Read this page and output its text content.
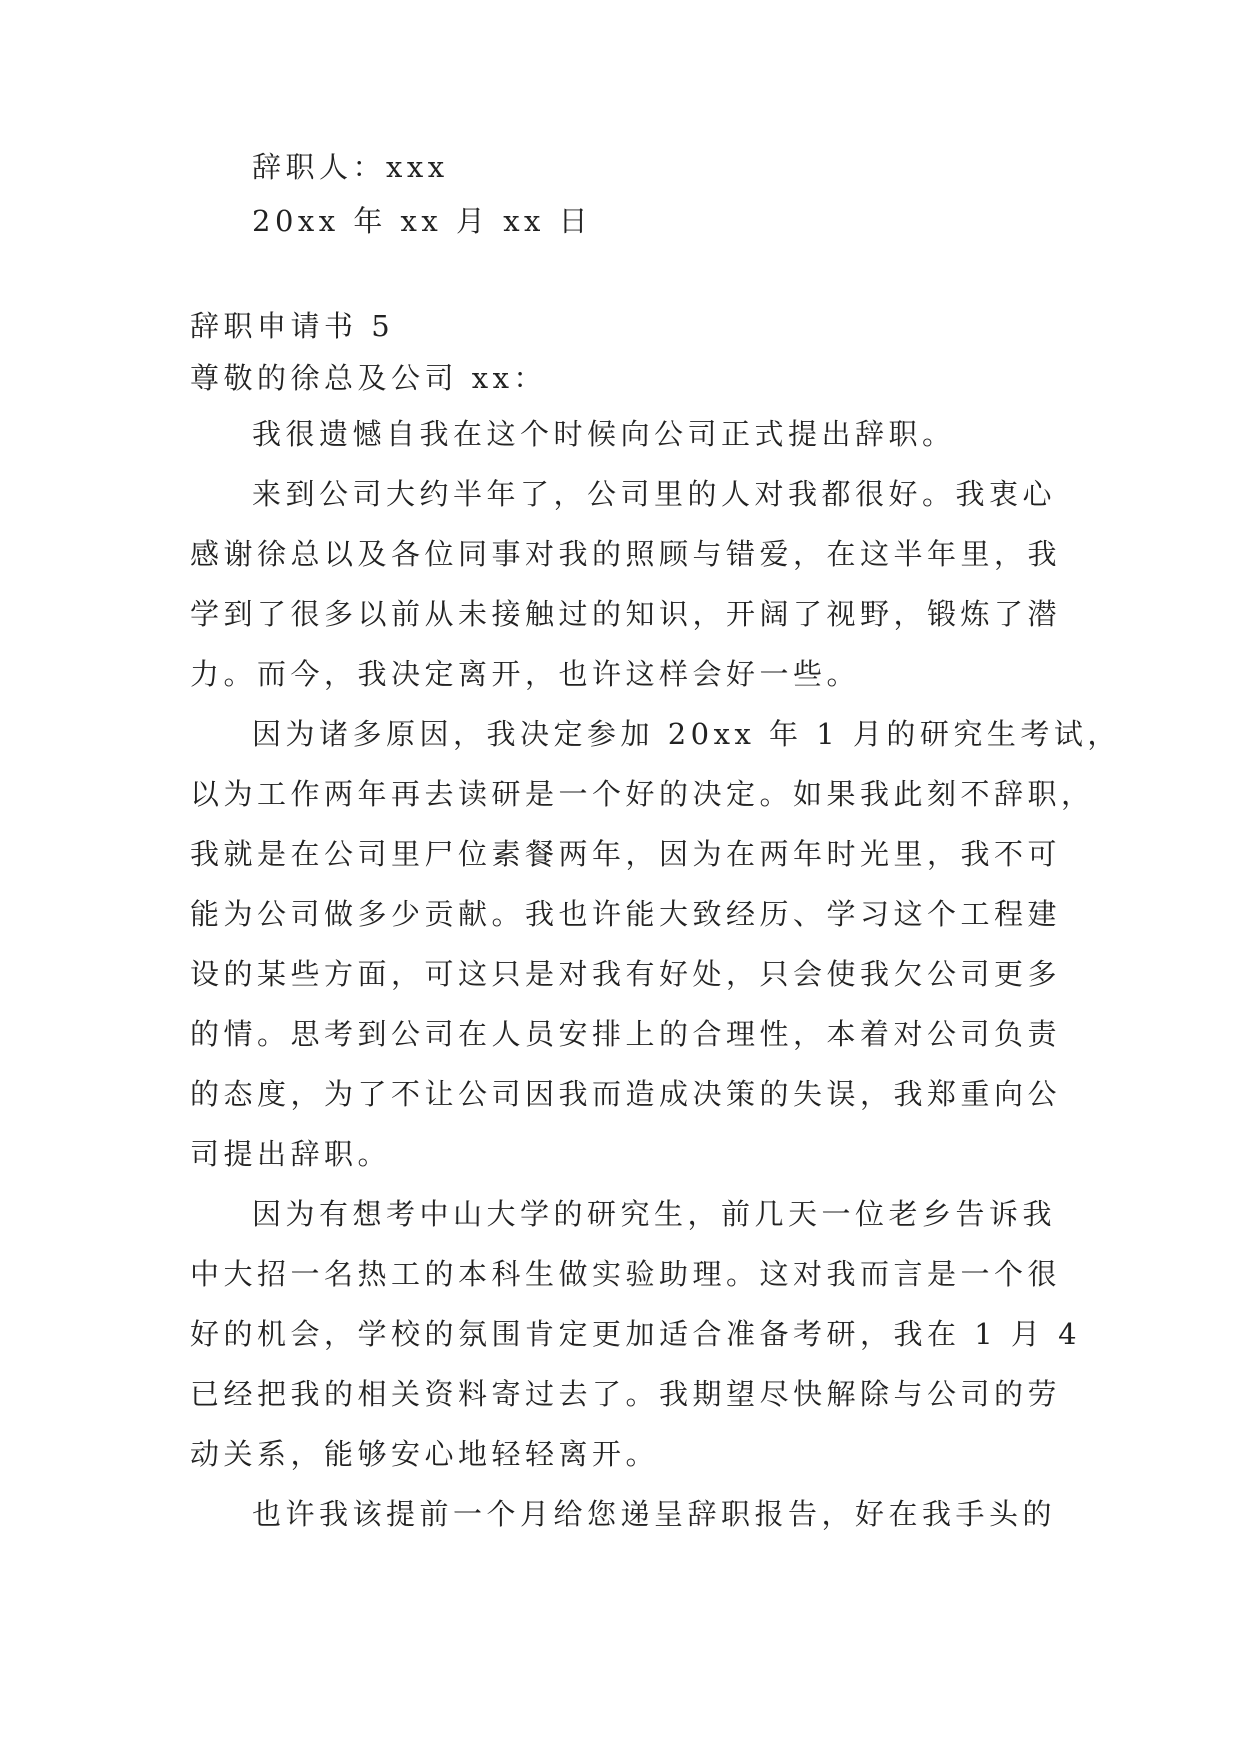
辞职人：xxx
20xx 年 xx 月 xx 日
辞职申请书 5
尊敬的徐总及公司 xx：
我很遗憾自我在这个时候向公司正式提出辞职。
来到公司大约半年了，公司里的人对我都很好。我衷心
感谢徐总以及各位同事对我的照顾与错爱，在这半年里，我
学到了很多以前从未接触过的知识，开阔了视野，锻炼了潜
力。而今，我决定离开，也许这样会好一些。
因为诸多原因，我决定参加 20xx 年 1 月的研究生考试，
以为工作两年再去读研是一个好的决定。如果我此刻不辞职，
我就是在公司里尸位素餐两年，因为在两年时光里，我不可
能为公司做多少贡献。我也许能大致经历、学习这个工程建
设的某些方面，可这只是对我有好处，只会使我欠公司更多
的情。思考到公司在人员安排上的合理性，本着对公司负责
的态度，为了不让公司因我而造成决策的失误，我郑重向公
司提出辞职。
因为有想考中山大学的研究生，前几天一位老乡告诉我
中大招一名热工的本科生做实验助理。这对我而言是一个很
好的机会，学校的氛围肯定更加适合准备考研，我在 1 月 4
已经把我的相关资料寄过去了。我期望尽快解除与公司的劳
动关系，能够安心地轻轻离开。
也许我该提前一个月给您递呈辞职报告，好在我手头的
